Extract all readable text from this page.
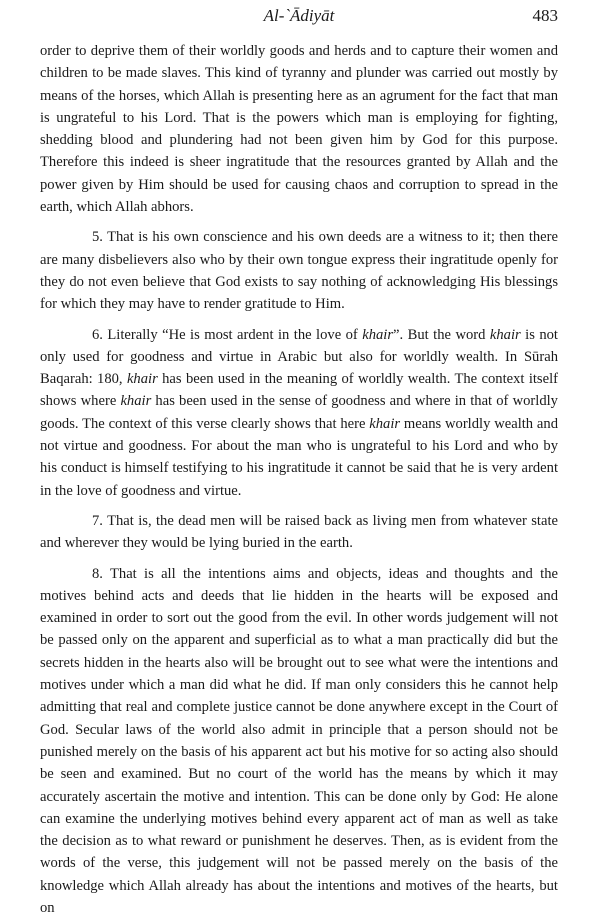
Al-`Ādiyāt	483

order to deprive them of their worldly goods and herds and to capture their women and children to be made slaves. This kind of tyranny and plunder was carried out mostly by means of the horses, which Allah is presenting here as an agrument for the fact that man is ungrateful to his Lord. That is the powers which man is employing for fighting, shedding blood and plundering had not been given him by God for this purpose. Therefore this indeed is sheer ingratitude that the resources granted by Allah and the power given by Him should be used for causing chaos and corruption to spread in the earth, which Allah abhors.

5. That is his own conscience and his own deeds are a witness to it; then there are many disbelievers also who by their own tongue express their ingratitude openly for they do not even believe that God exists to say nothing of acknowledging His blessings for which they may have to render gratitude to Him.

6. Literally “He is most ardent in the love of khair”. But the word khair is not only used for goodness and virtue in Arabic but also for worldly wealth. In Sūrah Baqarah: 180, khair has been used in the meaning of worldly wealth. The context itself shows where khair has been used in the sense of goodness and where in that of worldly goods. The context of this verse clearly shows that here khair means worldly wealth and not virtue and goodness. For about the man who is ungrateful to his Lord and who by his conduct is himself testifying to his ingratitude it cannot be said that he is very ardent in the love of goodness and virtue.

7. That is, the dead men will be raised back as living men from whatever state and wherever they would be lying buried in the earth.

8. That is all the intentions aims and objects, ideas and thoughts and the motives behind acts and deeds that lie hidden in the hearts will be exposed and examined in order to sort out the good from the evil. In other words judgement will not be passed only on the apparent and superficial as to what a man practically did but the secrets hidden in the hearts also will be brought out to see what were the intentions and motives under which a man did what he did. If man only considers this he cannot help admitting that real and complete justice cannot be done anywhere except in the Court of God. Secular laws of the world also admit in principle that a person should not be punished merely on the basis of his apparent act but his motive for so acting also should be seen and examined. But no court of the world has the means by which it may accurately ascertain the motive and intention. This can be done only by God: He alone can examine the underlying motives behind every apparent act of man as well as take the decision as to what reward or punishment he deserves. Then, as is evident from the words of the verse, this judgement will not be passed merely on the basis of the knowledge which Allah already has about the intentions and motives of the hearts, but on
